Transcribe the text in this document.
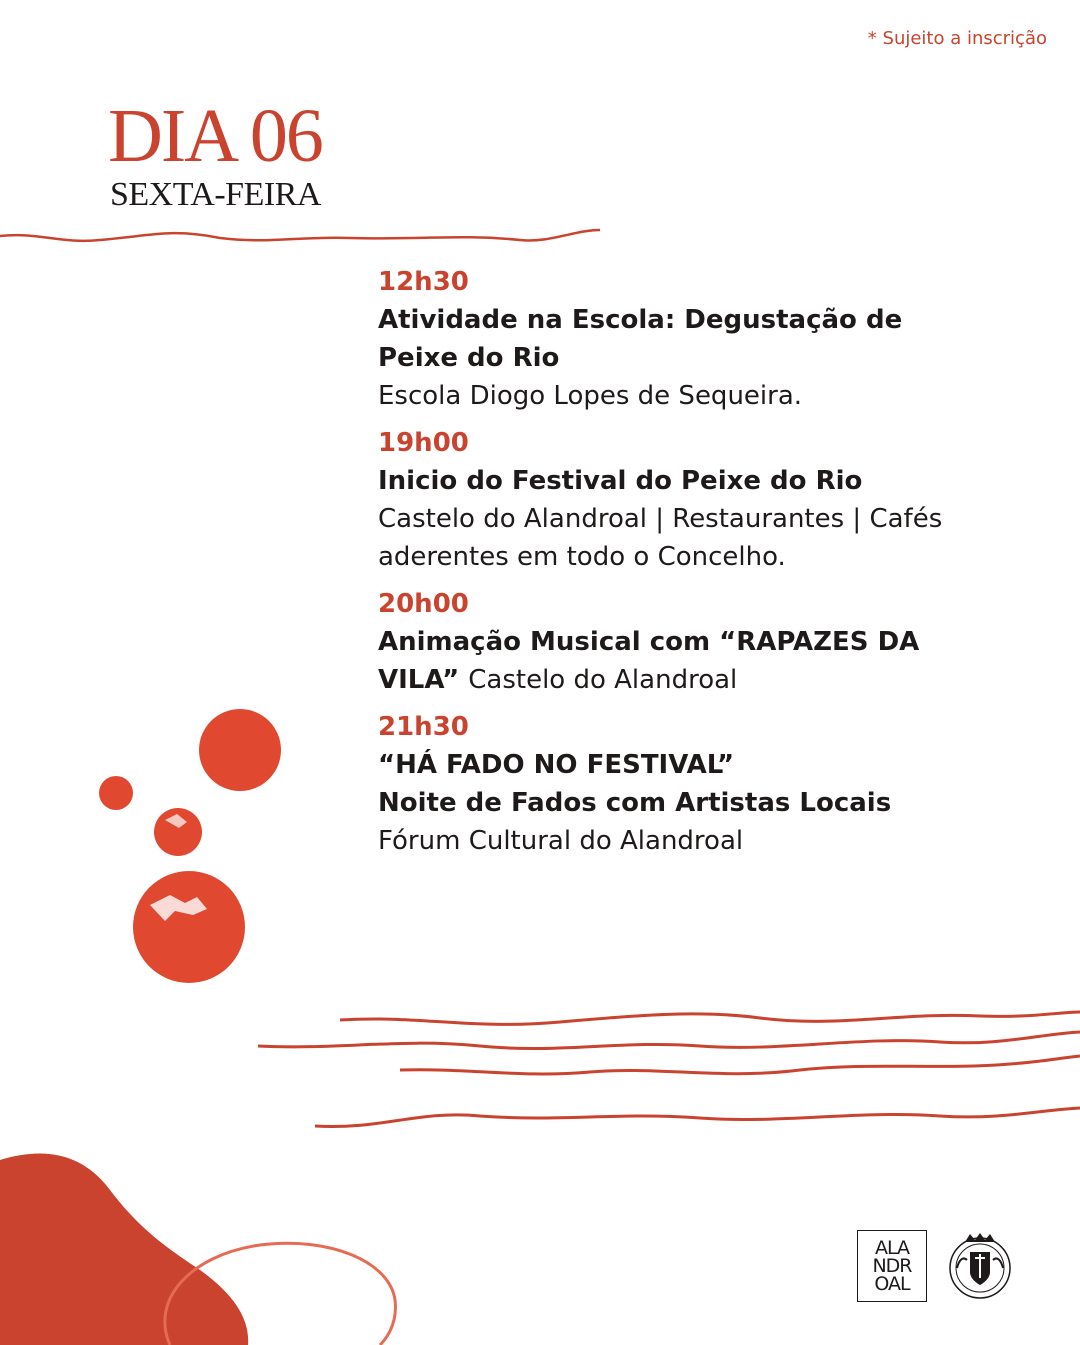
* Sujeito a inscrição
DIA 06
SEXTA-FEIRA
12h30
Atividade na Escola: Degustação de Peixe do Rio
Escola Diogo Lopes de Sequeira.
19h00
Inicio do Festival do Peixe do Rio
Castelo do Alandroal | Restaurantes | Cafés aderentes em todo o Concelho.
20h00
Animação Musical com “RAPAZES DA VILA” Castelo do Alandroal
21h30
“HÁ FADO NO FESTIVAL”
Noite de Fados com Artistas Locais
Fórum Cultural do Alandroal
ALA
NDR
OAL
